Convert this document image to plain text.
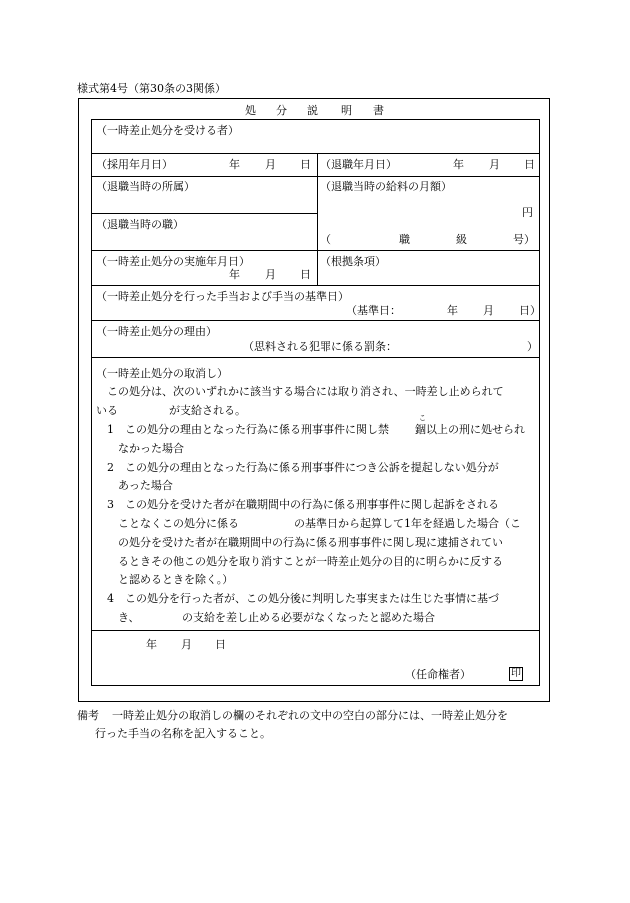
様式第4号（第30条の3関係）
処 分 説 明 書
（一時差止処分を受ける者）
（採用年月日）	年 月 日 （退職年月日）	年 月 日
（退職当時の所属）	（退職当時の給料の月額）
円
（退職当時の職）
（	職	級	号）
（一時差止処分の実施年月日）
年 月 日
（根拠条項）
（一時差止処分を行った手当および手当の基準日）
（基準日：	年 月 日）
（一時差止処分の理由）
（思料される犯罪に係る罰条：	）
（一時差止処分の取消し）
この処分は、次のいずれかに該当する場合には取り消され、一時差し止められて
いる	が支給される。
1　この処分の理由となった行為に係る刑事事件に関し禁
こ
錮 以上の刑に処せられ
なかった場合
2　この処分の理由となった行為に係る刑事事件につき公訴を提起しない処分が
あった場合
3　この処分を受けた者が在職期間中の行為に係る刑事事件に関し起訴をされる
ことなくこの処分に係る	の基準日から起算して1年を経過した場合（こ
の処分を受けた者が在職期間中の行為に係る刑事事件に関し現に逮捕されてい
るときその他この処分を取り消すことが一時差止処分の目的に明らかに反する
と認めるときを除く。）
4　この処分を行った者が、この処分後に判明した事実または生じた事情に基づ
き、	の支給を差し止める必要がなくなったと認めた場合
年 月 日
（任命権者）	印
備考 一時差止処分の取消しの欄のそれぞれの文中の空白の部分には、一時差止処分を
行った手当の名称を記入すること。
